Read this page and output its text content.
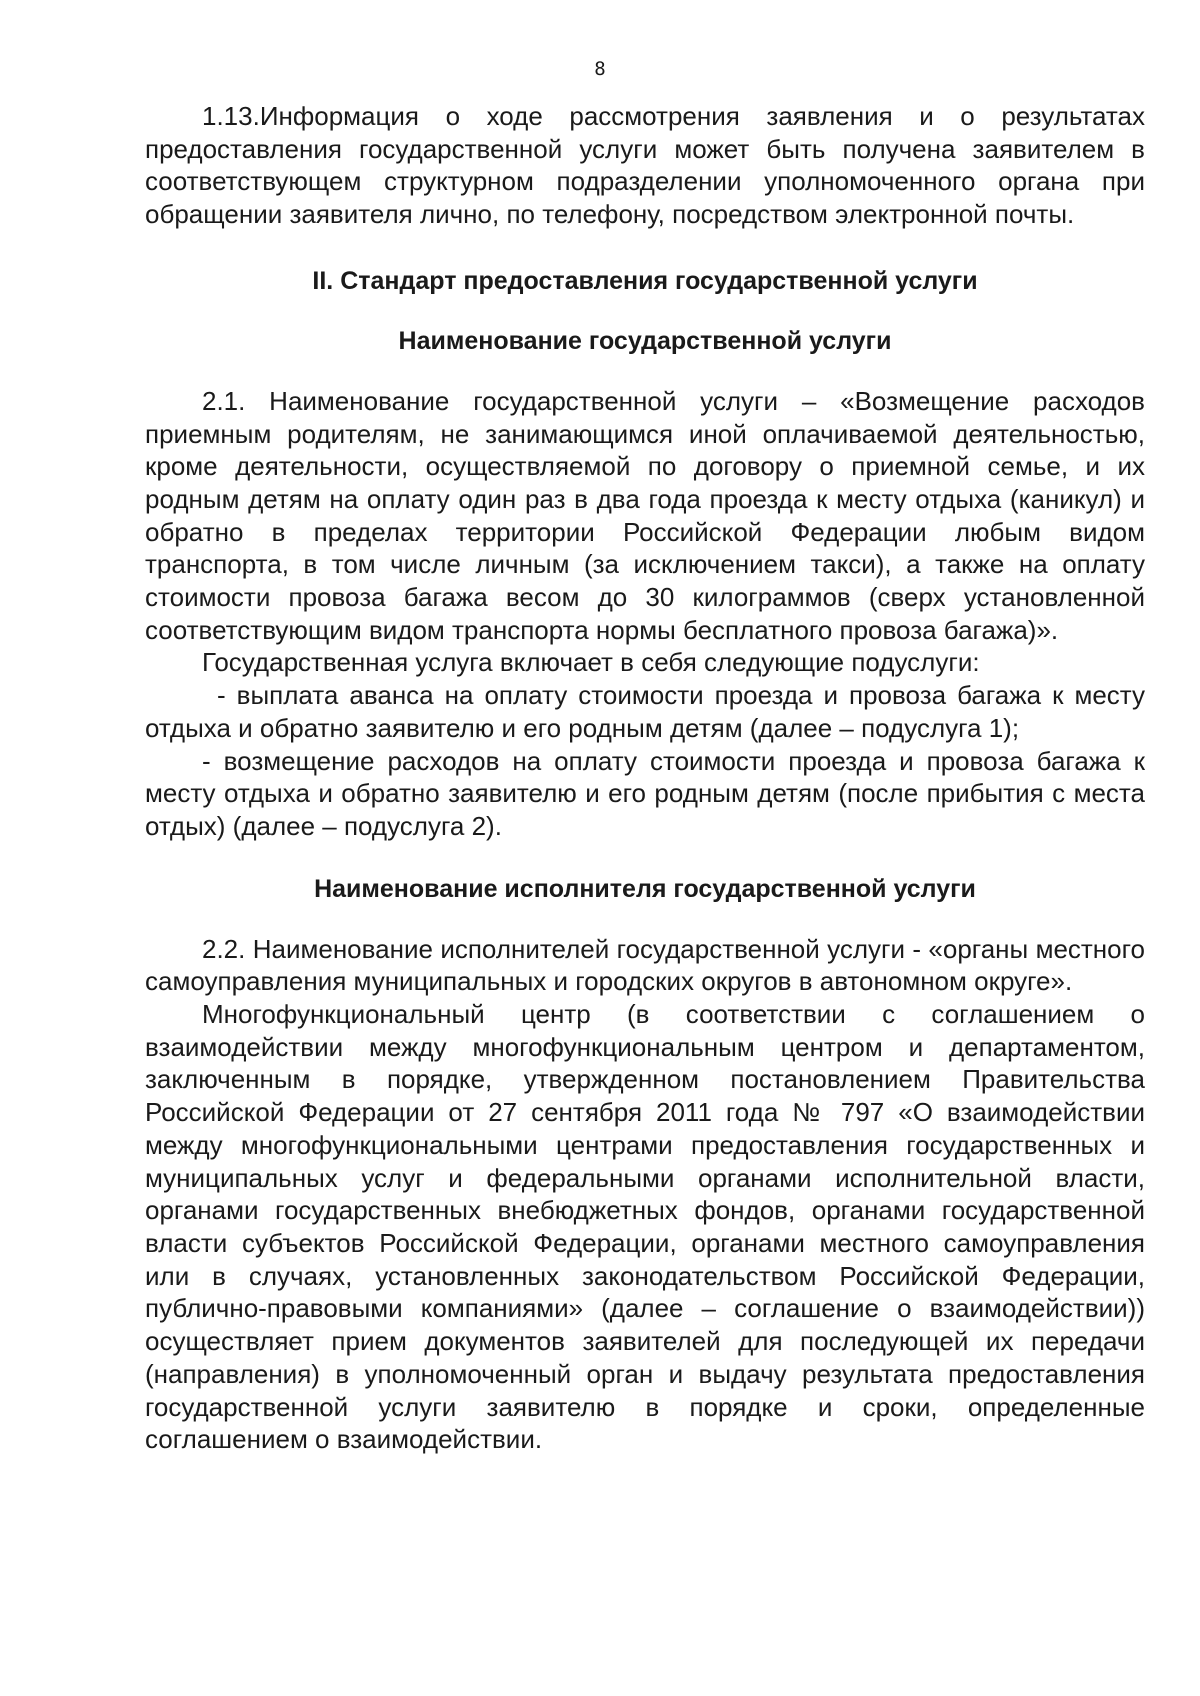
8

1.13.Информация о ходе рассмотрения заявления и о результатах предоставления государственной услуги может быть получена заявителем в соответствующем структурном подразделении уполномоченного органа при обращении заявителя лично, по телефону, посредством электронной почты.

II. Стандарт предоставления государственной услуги
Наименование государственной услуги

2.1. Наименование государственной услуги – «Возмещение расходов приемным родителям, не занимающимся иной оплачиваемой деятельностью, кроме деятельности, осуществляемой по договору о приемной семье, и их родным детям на оплату один раз в два года проезда к месту отдыха (каникул) и обратно в пределах территории Российской Федерации любым видом транспорта, в том числе личным (за исключением такси), а также на оплату стоимости провоза багажа весом до 30 килограммов (сверх установленной соответствующим видом транспорта нормы бесплатного провоза багажа)».

Государственная услуга включает в себя следующие подуслуги:

- выплата аванса на оплату стоимости проезда и провоза багажа к месту отдыха и обратно заявителю и его родным детям (далее – подуслуга 1);

- возмещение расходов на оплату стоимости проезда и провоза багажа к месту отдыха и обратно заявителю и его родным детям (после прибытия с места отдых) (далее – подуслуга 2).

Наименование исполнителя государственной услуги

2.2. Наименование исполнителей государственной услуги - «органы местного самоуправления муниципальных и городских округов в автономном округе».

Многофункциональный центр (в соответствии с соглашением о взаимодействии между многофункциональным центром и департаментом, заключенным в порядке, утвержденном постановлением Правительства Российской Федерации от 27 сентября 2011 года № 797 «О взаимодействии между многофункциональными центрами предоставления государственных и муниципальных услуг и федеральными органами исполнительной власти, органами государственных внебюджетных фондов, органами государственной власти субъектов Российской Федерации, органами местного самоуправления или в случаях, установленных законодательством Российской Федерации, публично-правовыми компаниями» (далее – соглашение о взаимодействии)) осуществляет прием документов заявителей для последующей их передачи (направления) в уполномоченный орган и выдачу результата предоставления государственной услуги заявителю в порядке и сроки, определенные соглашением о взаимодействии.
